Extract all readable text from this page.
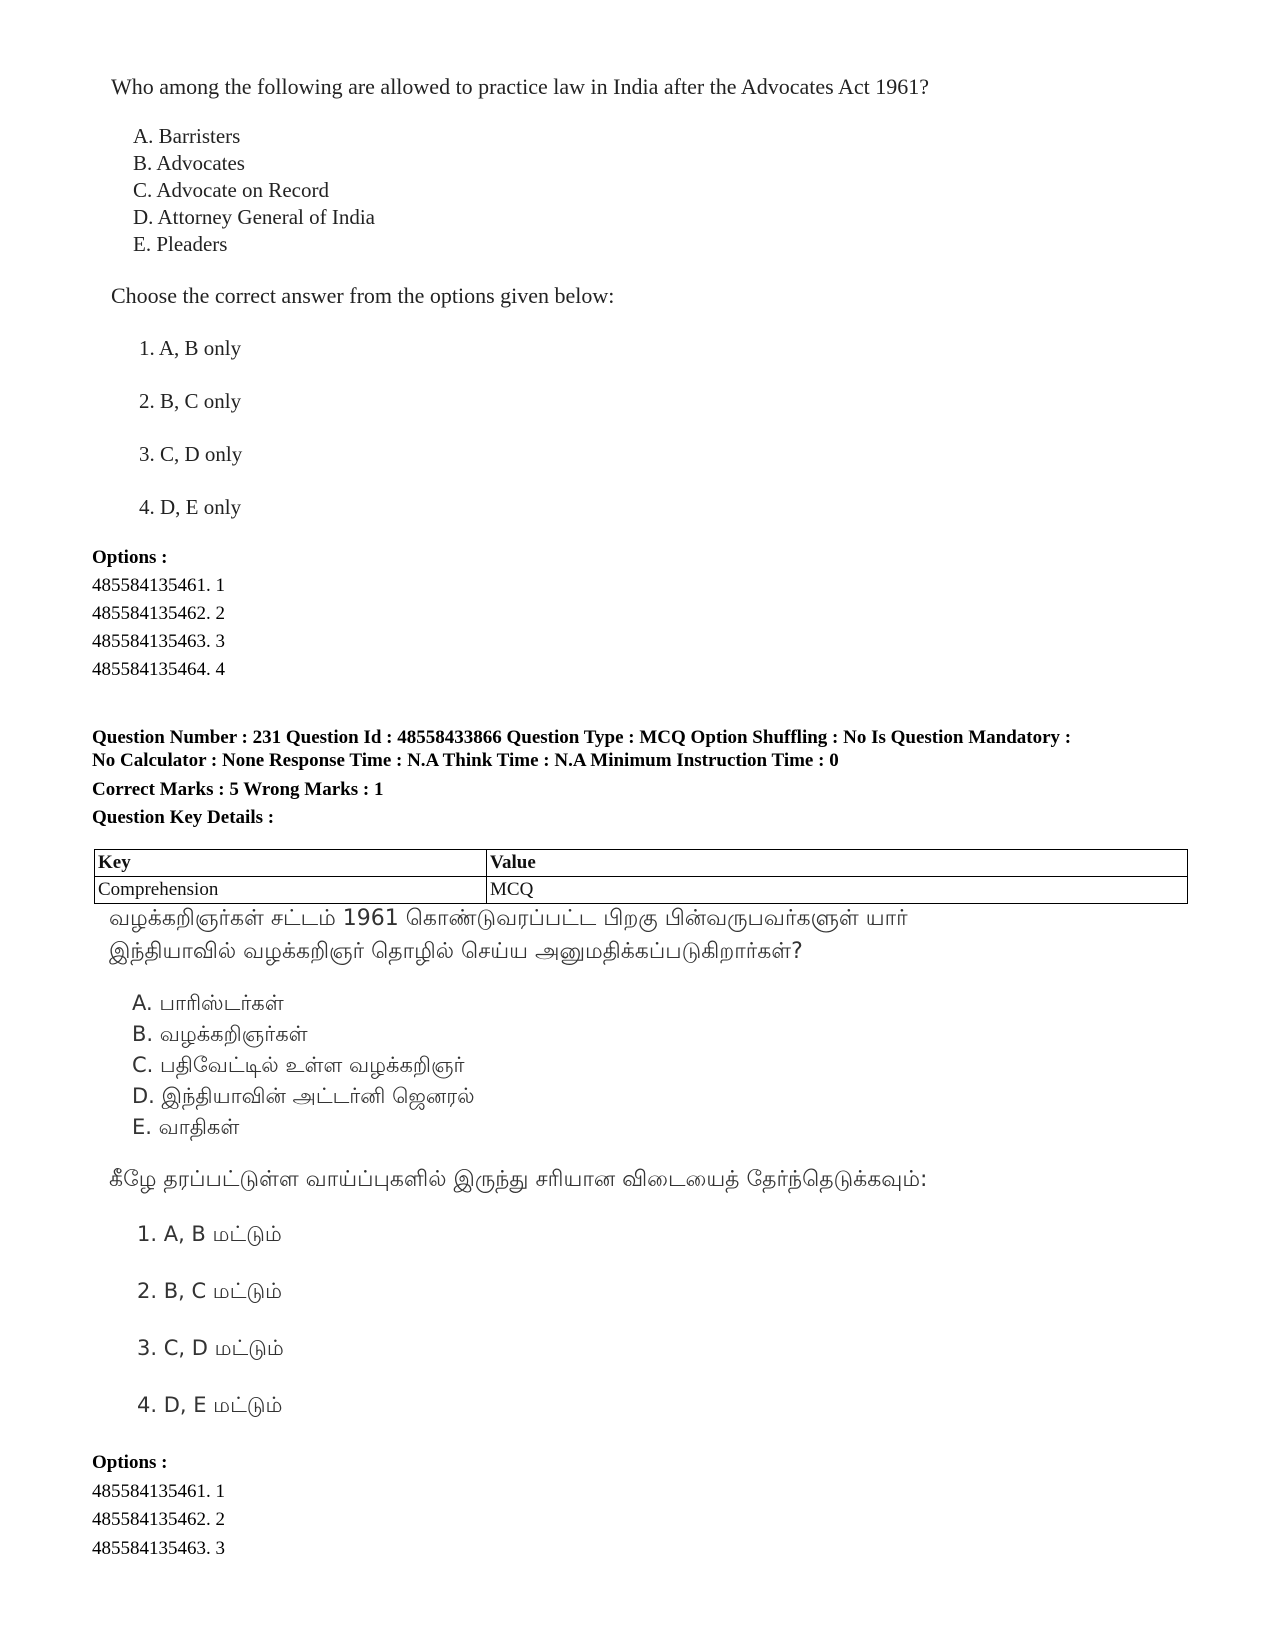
Who among the following are allowed to practice law in India after the Advocates Act 1961?
A. Barristers
B. Advocates
C. Advocate on Record
D. Attorney General of India
E. Pleaders
Choose the correct answer from the options given below:
1. A, B only
2. B, C only
3. C, D only
4. D, E only
Options :
485584135461. 1
485584135462. 2
485584135463. 3
485584135464. 4
Question Number : 231 Question Id : 48558433866 Question Type : MCQ Option Shuffling : No Is Question Mandatory :
No Calculator : None Response Time : N.A Think Time : N.A Minimum Instruction Time : 0
Correct Marks : 5 Wrong Marks : 1
Question Key Details :
Key	Value
Comprehension	MCQ
வழக்கறிஞர்கள் சட்டம் 1961 கொண்டுவரப்பட்ட பிறகு பின்வருபவர்களுள் யார்
இந்தியாவில் வழக்கறிஞர் தொழில் செய்ய அனுமதிக்கப்படுகிறார்கள்?
A. பாரிஸ்டர்கள்
B. வழக்கறிஞர்கள்
C. பதிவேட்டில் உள்ள வழக்கறிஞர்
D. இந்தியாவின் அட்டர்னி ஜெனரல்
E. வாதிகள்
கீழே தரப்பட்டுள்ள வாய்ப்புகளில் இருந்து சரியான விடையைத் தேர்ந்தெடுக்கவும்:
1. A, B மட்டும்
2. B, C மட்டும்
3. C, D மட்டும்
4. D, E மட்டும்
Options :
485584135461. 1
485584135462. 2
485584135463. 3
